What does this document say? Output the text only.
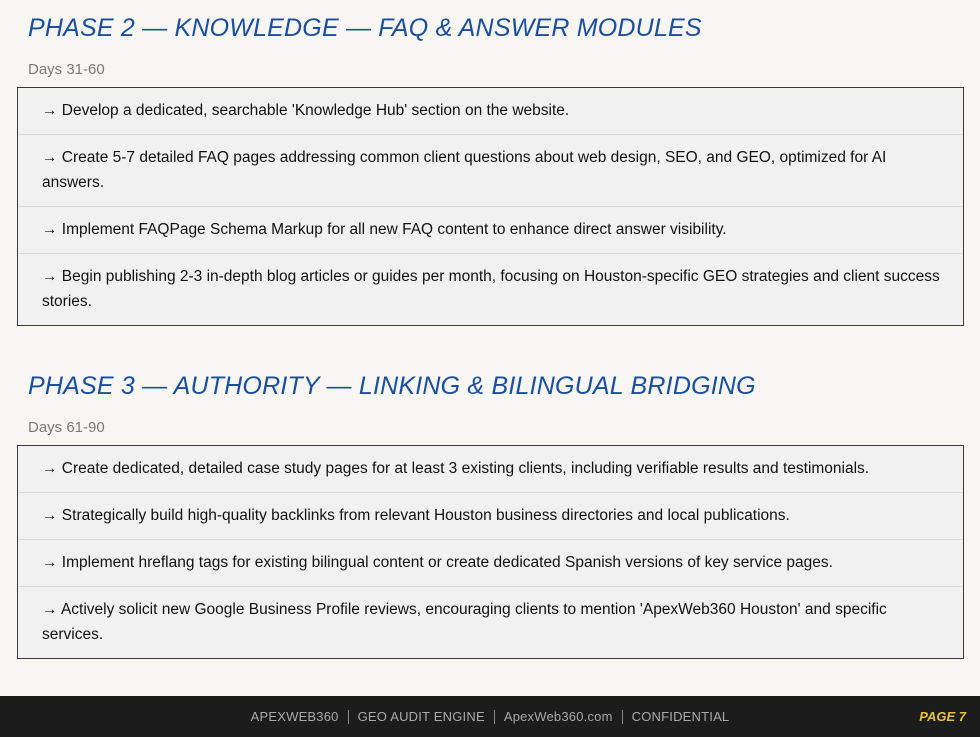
PHASE 2 — KNOWLEDGE — FAQ & ANSWER MODULES
Days 31-60
→ Develop a dedicated, searchable 'Knowledge Hub' section on the website.
→ Create 5-7 detailed FAQ pages addressing common client questions about web design, SEO, and GEO, optimized for AI answers.
→ Implement FAQPage Schema Markup for all new FAQ content to enhance direct answer visibility.
→ Begin publishing 2-3 in-depth blog articles or guides per month, focusing on Houston-specific GEO strategies and client success stories.
PHASE 3 — AUTHORITY — LINKING & BILINGUAL BRIDGING
Days 61-90
→ Create dedicated, detailed case study pages for at least 3 existing clients, including verifiable results and testimonials.
→ Strategically build high-quality backlinks from relevant Houston business directories and local publications.
→ Implement hreflang tags for existing bilingual content or create dedicated Spanish versions of key service pages.
→ Actively solicit new Google Business Profile reviews, encouraging clients to mention 'ApexWeb360 Houston' and specific services.
APEXWEB360 GEO AUDIT ENGINE ApexWeb360.com CONFIDENTIAL	PAGE 7
